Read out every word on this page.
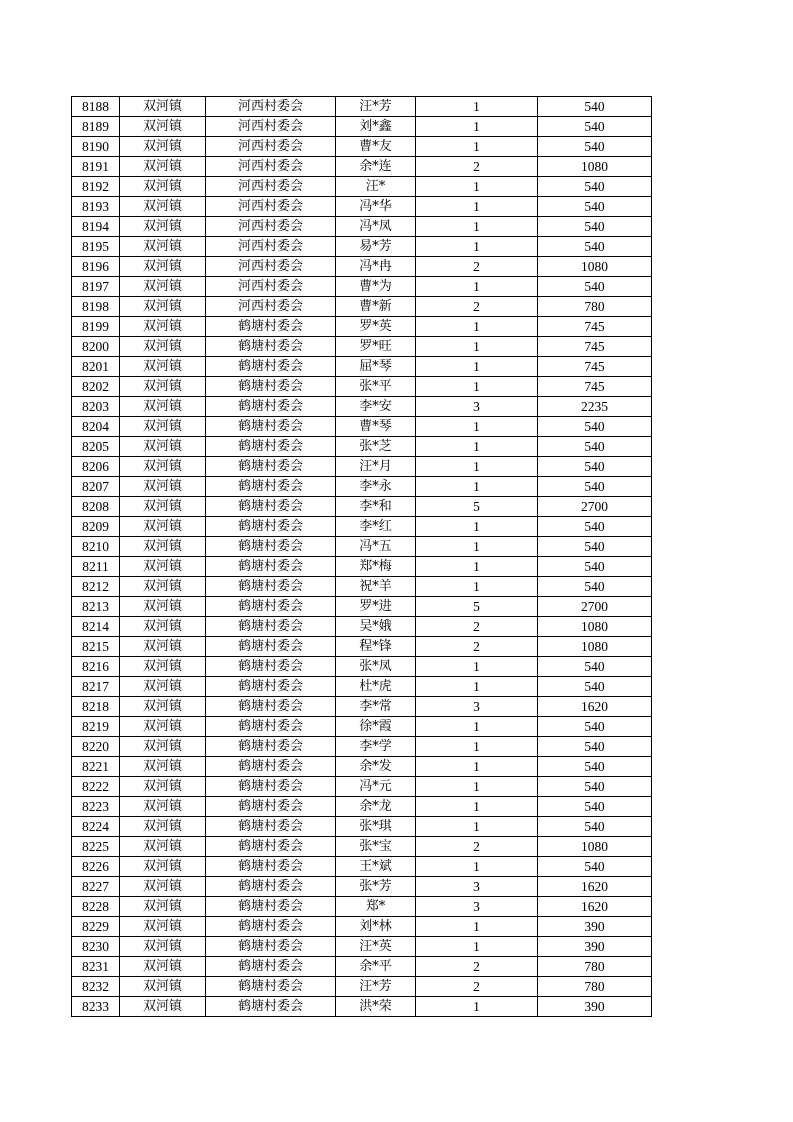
8188	双河镇	河西村委会	汪*芳	1	540
8189	双河镇	河西村委会	刘*鑫	1	540
8190	双河镇	河西村委会	曹*友	1	540
8191	双河镇	河西村委会	余*连	2	1080
8192	双河镇	河西村委会	汪*	1	540
8193	双河镇	河西村委会	冯*华	1	540
8194	双河镇	河西村委会	冯*凤	1	540
8195	双河镇	河西村委会	易*芳	1	540
8196	双河镇	河西村委会	冯*冉	2	1080
8197	双河镇	河西村委会	曹*为	1	540
8198	双河镇	河西村委会	曹*新	2	780
8199	双河镇	鹤塘村委会	罗*英	1	745
8200	双河镇	鹤塘村委会	罗*旺	1	745
8201	双河镇	鹤塘村委会	屈*琴	1	745
8202	双河镇	鹤塘村委会	张*平	1	745
8203	双河镇	鹤塘村委会	李*安	3	2235
8204	双河镇	鹤塘村委会	曹*琴	1	540
8205	双河镇	鹤塘村委会	张*芝	1	540
8206	双河镇	鹤塘村委会	汪*月	1	540
8207	双河镇	鹤塘村委会	李*永	1	540
8208	双河镇	鹤塘村委会	李*和	5	2700
8209	双河镇	鹤塘村委会	李*红	1	540
8210	双河镇	鹤塘村委会	冯*五	1	540
8211	双河镇	鹤塘村委会	郑*梅	1	540
8212	双河镇	鹤塘村委会	祝*羊	1	540
8213	双河镇	鹤塘村委会	罗*进	5	2700
8214	双河镇	鹤塘村委会	吴*娥	2	1080
8215	双河镇	鹤塘村委会	程*锋	2	1080
8216	双河镇	鹤塘村委会	张*凤	1	540
8217	双河镇	鹤塘村委会	杜*虎	1	540
8218	双河镇	鹤塘村委会	李*常	3	1620
8219	双河镇	鹤塘村委会	徐*霞	1	540
8220	双河镇	鹤塘村委会	李*学	1	540
8221	双河镇	鹤塘村委会	余*发	1	540
8222	双河镇	鹤塘村委会	冯*元	1	540
8223	双河镇	鹤塘村委会	余*龙	1	540
8224	双河镇	鹤塘村委会	张*琪	1	540
8225	双河镇	鹤塘村委会	张*宝	2	1080
8226	双河镇	鹤塘村委会	王*斌	1	540
8227	双河镇	鹤塘村委会	张*芳	3	1620
8228	双河镇	鹤塘村委会	郑*	3	1620
8229	双河镇	鹤塘村委会	刘*林	1	390
8230	双河镇	鹤塘村委会	汪*英	1	390
8231	双河镇	鹤塘村委会	余*平	2	780
8232	双河镇	鹤塘村委会	汪*芳	2	780
8233	双河镇	鹤塘村委会	洪*荣	1	390
